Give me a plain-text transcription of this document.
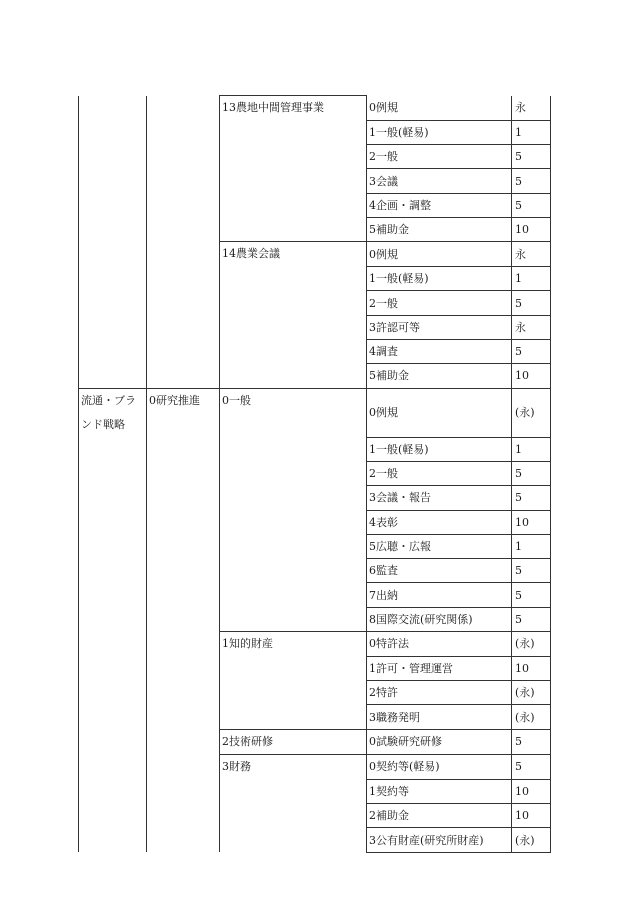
		13農地中間管理事業	0例規	永
			1一般(軽易)	1
			2一般	5
			3会議	5
			4企画・調整	5
			5補助金	10
		14農業会議	0例規	永
			1一般(軽易)	1
			2一般	5
			3許認可等	永
			4調査	5
			5補助金	10
流通・ブランド戦略	0研究推進	0一般	0例規	(永)
			1一般(軽易)	1
			2一般	5
			3会議・報告	5
			4表彰	10
			5広聴・広報	1
			6監査	5
			7出納	5
			8国際交流(研究関係)	5
		1知的財産	0特許法	(永)
			1許可・管理運営	10
			2特許	(永)
			3職務発明	(永)
		2技術研修	0試験研究研修	5
		3財務	0契約等(軽易)	5
			1契約等	10
			2補助金	10
			3公有財産(研究所財産)	(永)
